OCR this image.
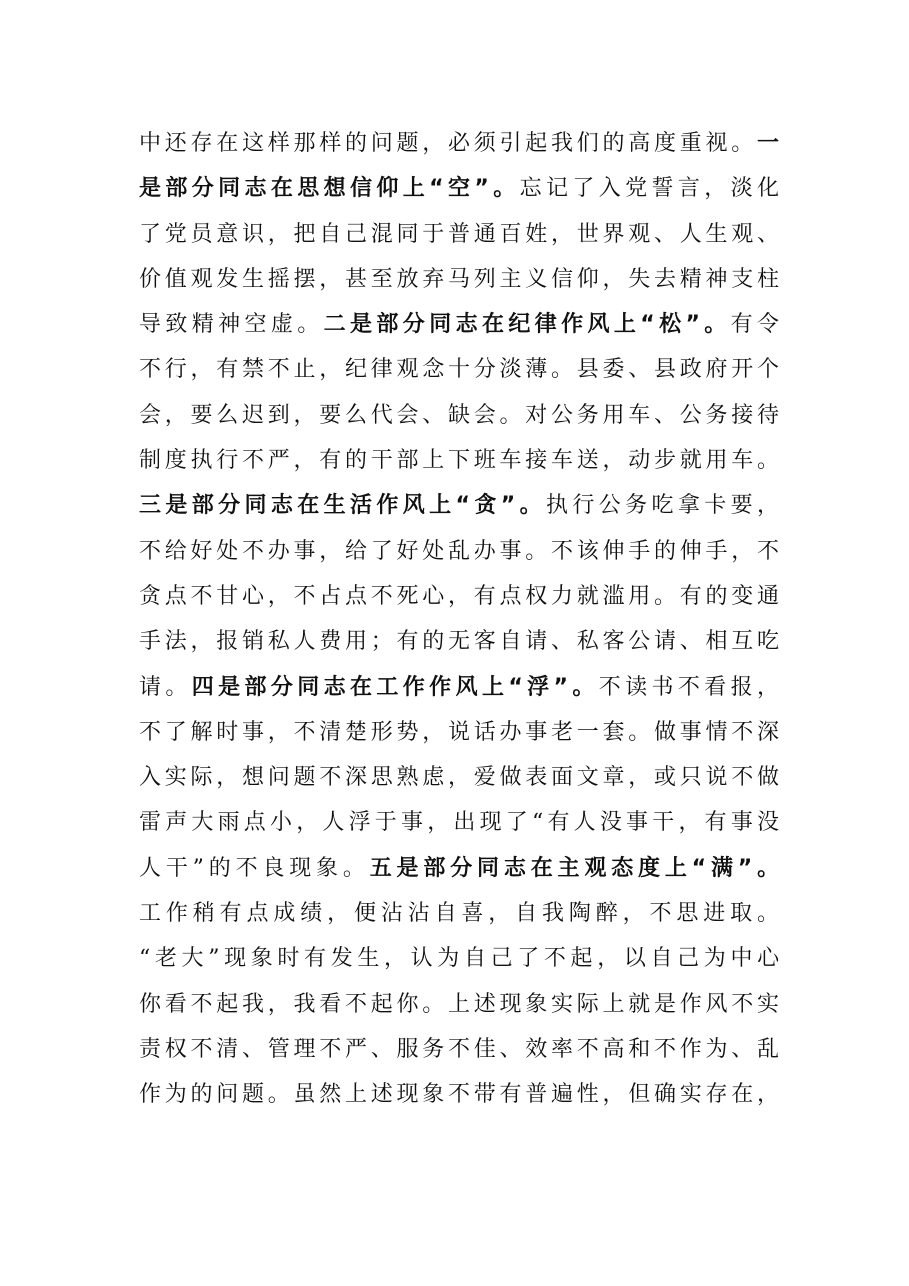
中还存在这样那样的问题，必须引起我们的高度重视。一
是部分同志在思想信仰上“空”。忘记了入党誓言，淡化
了党员意识，把自己混同于普通百姓，世界观、人生观、
价值观发生摇摆，甚至放弃马列主义信仰，失去精神支柱
导致精神空虚。二是部分同志在纪律作风上“松”。有令
不行，有禁不止，纪律观念十分淡薄。县委、县政府开个
会，要么迟到，要么代会、缺会。对公务用车、公务接待
制度执行不严，有的干部上下班车接车送，动步就用车。
三是部分同志在生活作风上“贪”。执行公务吃拿卡要，
不给好处不办事，给了好处乱办事。不该伸手的伸手，不
贪点不甘心，不占点不死心，有点权力就滥用。有的变通
手法，报销私人费用；有的无客自请、私客公请、相互吃
请。四是部分同志在工作作风上“浮”。不读书不看报，
不了解时事，不清楚形势，说话办事老一套。做事情不深
入实际，想问题不深思熟虑，爱做表面文章，或只说不做
雷声大雨点小，人浮于事，出现了“有人没事干，有事没
人干”的不良现象。五是部分同志在主观态度上“满”。
工作稍有点成绩，便沾沾自喜，自我陶醉，不思进取。
“老大”现象时有发生，认为自己了不起，以自己为中心
你看不起我，我看不起你。上述现象实际上就是作风不实
责权不清、管理不严、服务不佳、效率不高和不作为、乱
作为的问题。虽然上述现象不带有普遍性，但确实存在，
